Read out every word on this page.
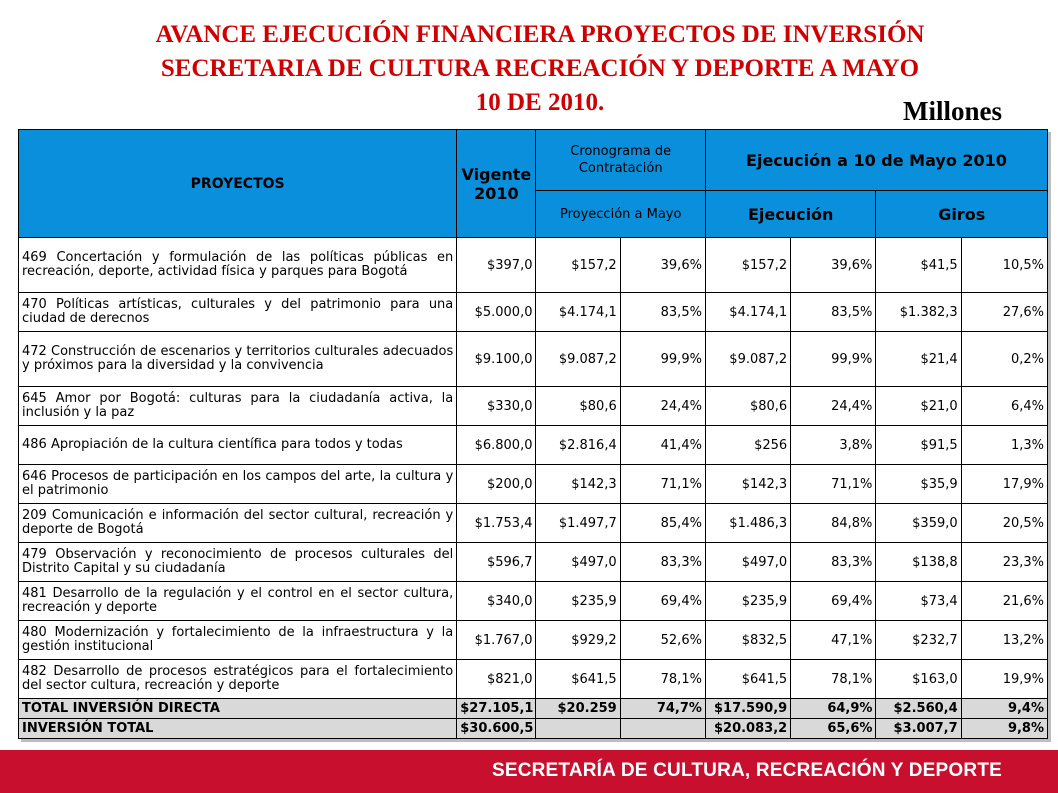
AVANCE EJECUCIÓN FINANCIERA PROYECTOS DE INVERSIÓN
SECRETARIA DE CULTURA RECREACIÓN Y DEPORTE A MAYO
10 DE 2010.	Millones
PROYECTOS	Vigente 2010	Cronograma de Contratación		Ejecución a 10 de Mayo 2010			
		Proyección a Mayo		Ejecución		Giros	
469 Concertación y formulación de las políticas públicas en recreación, deporte, actividad física y parques para Bogotá	$397,0	$157,2	39,6%	$157,2	39,6%	$41,5	10,5%
470 Políticas artísticas, culturales y del patrimonio para una ciudad de derecnos	$5.000,0	$4.174,1	83,5%	$4.174,1	83,5%	$1.382,3	27,6%
472 Construcción de escenarios y territorios culturales adecuados y próximos para la diversidad y la convivencia	$9.100,0	$9.087,2	99,9%	$9.087,2	99,9%	$21,4	0,2%
645 Amor por Bogotá: culturas para la ciudadanía activa, la inclusión y la paz	$330,0	$80,6	24,4%	$80,6	24,4%	$21,0	6,4%
486 Apropiación de la cultura científica para todos y todas	$6.800,0	$2.816,4	41,4%	$256	3,8%	$91,5	1,3%
646 Procesos de participación en los campos del arte, la cultura y el patrimonio	$200,0	$142,3	71,1%	$142,3	71,1%	$35,9	17,9%
209 Comunicación e información del sector cultural, recreación y deporte de Bogotá	$1.753,4	$1.497,7	85,4%	$1.486,3	84,8%	$359,0	20,5%
479 Observación y reconocimiento de procesos culturales del Distrito Capital y su ciudadanía	$596,7	$497,0	83,3%	$497,0	83,3%	$138,8	23,3%
481 Desarrollo de la regulación y el control en el sector cultura, recreación y deporte	$340,0	$235,9	69,4%	$235,9	69,4%	$73,4	21,6%
480 Modernización y fortalecimiento de la infraestructura y la gestión institucional	$1.767,0	$929,2	52,6%	$832,5	47,1%	$232,7	13,2%
482 Desarrollo de procesos estratégicos para el fortalecimiento del sector cultura, recreación y deporte	$821,0	$641,5	78,1%	$641,5	78,1%	$163,0	19,9%
TOTAL INVERSIÓN DIRECTA	$27.105,1	$20.259	74,7%	$17.590,9	64,9%	$2.560,4	9,4%
INVERSIÓN TOTAL	$30.600,5			$20.083,2	65,6%	$3.007,7	9,8%
SECRETARÍA DE CULTURA, RECREACIÓN Y DEPORTE
